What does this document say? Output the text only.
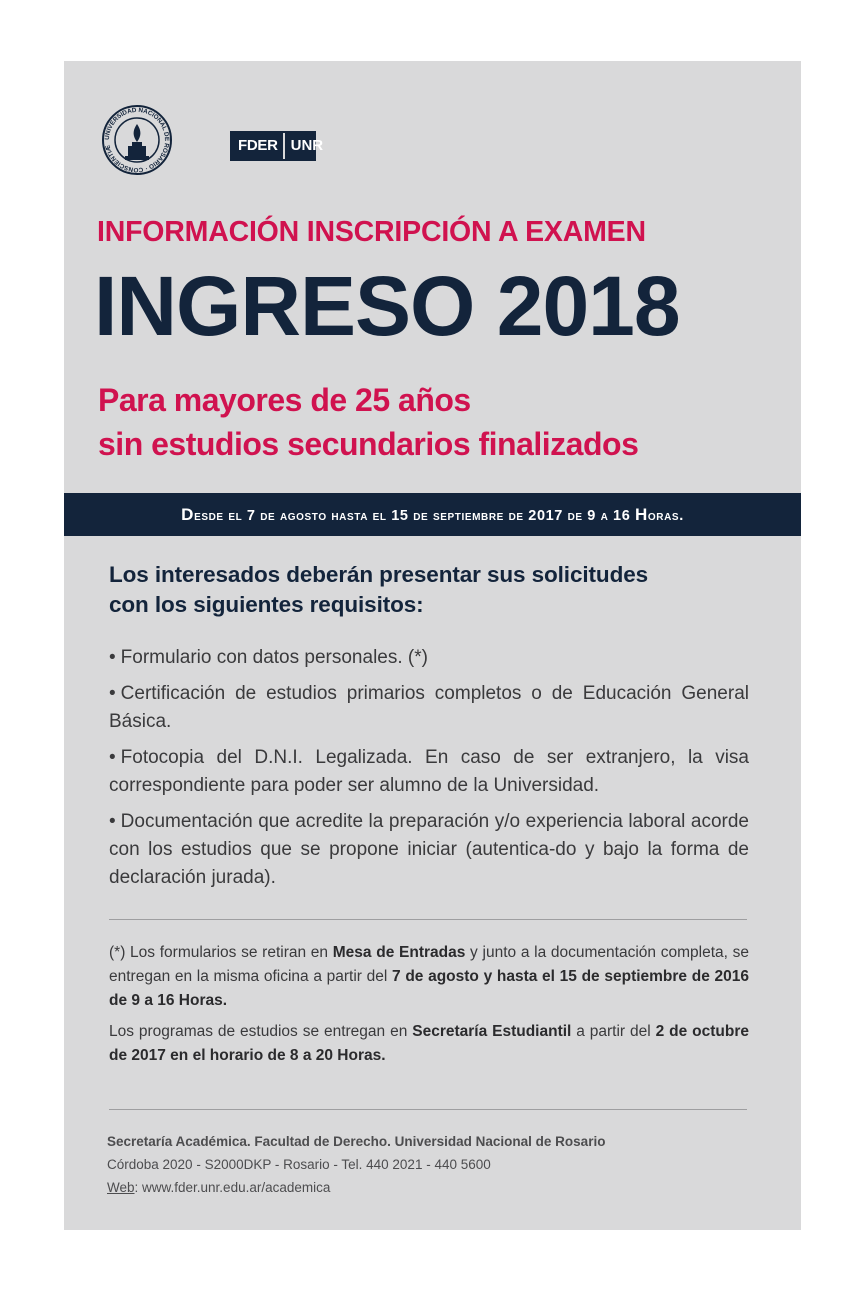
UNIVERSIDAD NACIONAL DE ROSARIO · CONSCIENTIÆ	FDER UNR
INFORMACIÓN INSCRIPCIÓN A EXAMEN
INGRESO 2018
Para mayores de 25 años
sin estudios secundarios finalizados
Desde el 7 de agosto hasta el 15 de septiembre de 2017 de 9 a 16 Horas.
Los interesados deberán presentar sus solicitudes
con los siguientes requisitos:
• Formulario con datos personales. (*)
• Certificación de estudios primarios completos o de Educación General Básica.
• Fotocopia del D.N.I. Legalizada. En caso de ser extranjero, la visa correspondiente para poder ser alumno de la Universidad.
• Documentación que acredite la preparación y/o experiencia laboral acorde con los estudios que se propone iniciar (autentica-do y bajo la forma de declaración jurada).

(*) Los formularios se retiran en Mesa de Entradas y junto a la documentación completa, se entregan en la misma oficina a partir del 7 de agosto y hasta el 15 de septiembre de 2016 de 9 a 16 Horas.

Los programas de estudios se entregan en Secretaría Estudiantil a partir del 2 de octubre de 2017 en el horario de 8 a 20 Horas.

Secretaría Académica. Facultad de Derecho. Universidad Nacional de Rosario
Córdoba 2020 - S2000DKP - Rosario - Tel. 440 2021 - 440 5600
Web: www.fder.unr.edu.ar/academica
